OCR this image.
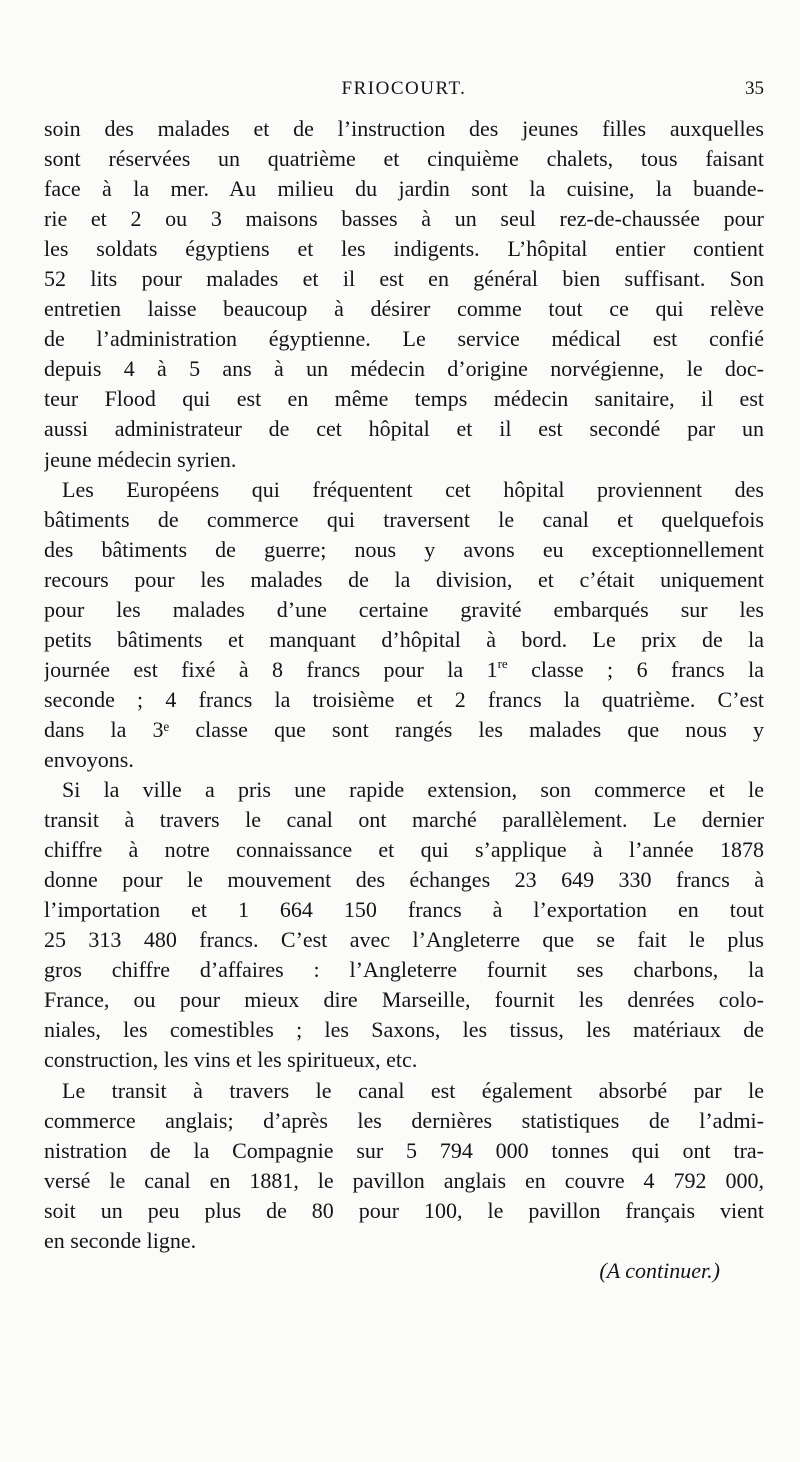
FRIOCOURT.	35
soin des malades et de l’instruction des jeunes filles auxquelles
sont réservées un quatrième et cinquième chalets, tous faisant
face à la mer. Au milieu du jardin sont la cuisine, la buande-
rie et 2 ou 3 maisons basses à un seul rez-de-chaussée pour
les soldats égyptiens et les indigents. L’hôpital entier contient
52 lits pour malades et il est en général bien suffisant. Son
entretien laisse beaucoup à désirer comme tout ce qui relève
de l’administration égyptienne. Le service médical est confié
depuis 4 à 5 ans à un médecin d’origine norvégienne, le doc-
teur Flood qui est en même temps médecin sanitaire, il est
aussi administrateur de cet hôpital et il est secondé par un
jeune médecin syrien.
Les Européens qui fréquentent cet hôpital proviennent des
bâtiments de commerce qui traversent le canal et quelquefois
des bâtiments de guerre; nous y avons eu exceptionnellement
recours pour les malades de la division, et c’était uniquement
pour les malades d’une certaine gravité embarqués sur les
petits bâtiments et manquant d’hôpital à bord. Le prix de la
journée est fixé à 8 francs pour la 1re classe ; 6 francs la
seconde ; 4 francs la troisième et 2 francs la quatrième. C’est
dans la 3ᵉ classe que sont rangés les malades que nous y
envoyons.
Si la ville a pris une rapide extension, son commerce et le
transit à travers le canal ont marché parallèlement. Le dernier
chiffre à notre connaissance et qui s’applique à l’année 1878
donne pour le mouvement des échanges 23 649 330 francs à
l’importation et 1 664 150 francs à l’exportation en tout
25 313 480 francs. C’est avec l’Angleterre que se fait le plus
gros chiffre d’affaires : l’Angleterre fournit ses charbons, la
France, ou pour mieux dire Marseille, fournit les denrées colo-
niales, les comestibles ; les Saxons, les tissus, les matériaux de
construction, les vins et les spiritueux, etc.
Le transit à travers le canal est également absorbé par le
commerce anglais; d’après les dernières statistiques de l’admi-
nistration de la Compagnie sur 5 794 000 tonnes qui ont tra-
versé le canal en 1881, le pavillon anglais en couvre 4 792 000,
soit un peu plus de 80 pour 100, le pavillon français vient
en seconde ligne.
(A continuer.)
